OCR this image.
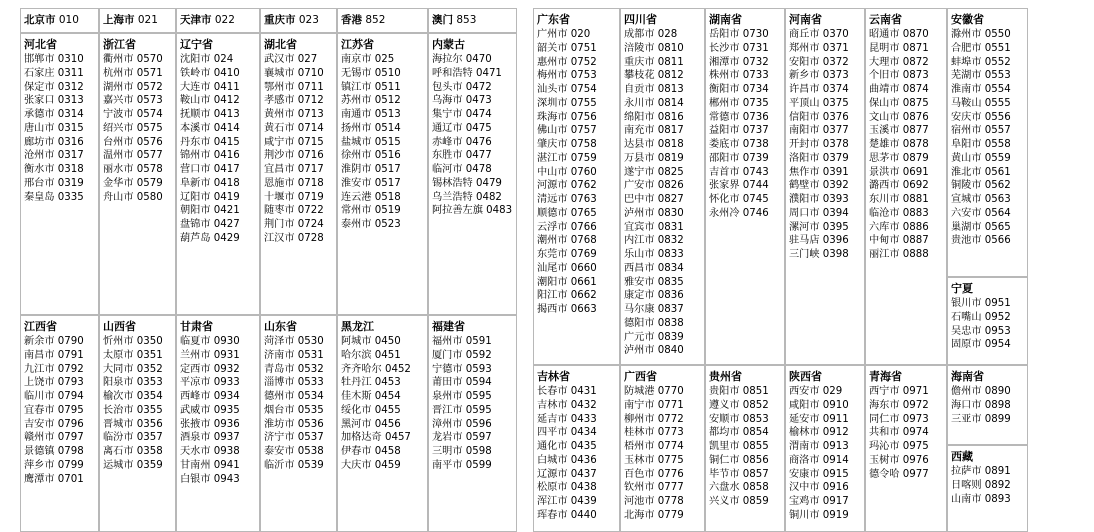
北京市 010	上海市 021	天津市 022	重庆市 023	香港 852	澳门 853
河北省
邯郸市 0310
石家庄 0311
保定市 0312
张家口 0313
承德市 0314
唐山市 0315
廊坊市 0316
沧州市 0317
衡水市 0318
邢台市 0319
秦皇岛 0335
浙江省
衢州市 0570
杭州市 0571
湖州市 0572
嘉兴市 0573
宁波市 0574
绍兴市 0575
台州市 0576
温州市 0577
丽水市 0578
金华市 0579
舟山市 0580
辽宁省
沈阳市 024
铁岭市 0410
大连市 0411
鞍山市 0412
抚顺市 0413
本溪市 0414
丹东市 0415
锦州市 0416
营口市 0417
阜新市 0418
辽阳市 0419
朝阳市 0421
盘锦市 0427
葫芦岛 0429
湖北省
武汉市 027
襄城市 0710
鄂州市 0711
孝感市 0712
黄州市 0713
黄石市 0714
咸宁市 0715
荆沙市 0716
宜昌市 0717
恩施市 0718
十堰市 0719
随枣市 0722
荆门市 0724
江汉市 0728
江苏省
南京市 025
无锡市 0510
镇江市 0511
苏州市 0512
南通市 0513
扬州市 0514
盐城市 0515
徐州市 0516
淮阴市 0517
淮安市 0517
连云港 0518
常州市 0519
泰州市 0523
内蒙古
海拉尔 0470
呼和浩特 0471
包头市 0472
乌海市 0473
集宁市 0474
通辽市 0475
赤峰市 0476
东胜市 0477
临河市 0478
锡林浩特 0479
乌兰浩特 0482
阿拉善左旗 0483
江西省
新余市 0790
南昌市 0791
九江市 0792
上饶市 0793
临川市 0794
宜春市 0795
吉安市 0796
赣州市 0797
景德镇 0798
萍乡市 0799
鹰潭市 0701
山西省
忻州市 0350
太原市 0351
大同市 0352
阳泉市 0353
榆次市 0354
长治市 0355
晋城市 0356
临汾市 0357
离石市 0358
运城市 0359
甘肃省
临夏市 0930
兰州市 0931
定西市 0932
平凉市 0933
西峰市 0934
武威市 0935
张掖市 0936
酒泉市 0937
天水市 0938
甘南州 0941
白银市 0943
山东省
菏泽市 0530
济南市 0531
青岛市 0532
淄博市 0533
德州市 0534
烟台市 0535
淮坊市 0536
济宁市 0537
泰安市 0538
临沂市 0539
黑龙江
阿城市 0450
哈尔滨 0451
齐齐哈尔 0452
牡丹江 0453
佳木斯 0454
绥化市 0455
黑河市 0456
加格达奇 0457
伊春市 0458
大庆市 0459
福建省
福州市 0591
厦门市 0592
宁德市 0593
莆田市 0594
泉州市 0595
晋江市 0595
漳州市 0596
龙岩市 0597
三明市 0598
南平市 0599
广东省
广州市 020
韶关市 0751
惠州市 0752
梅州市 0753
汕头市 0754
深圳市 0755
珠海市 0756
佛山市 0757
肇庆市 0758
湛江市 0759
中山市 0760
河源市 0762
清远市 0763
顺德市 0765
云浮市 0766
潮州市 0768
东莞市 0769
汕尾市 0660
潮阳市 0661
阳江市 0662
揭西市 0663
四川省
成都市 028
涪陵市 0810
重庆市 0811
攀枝花 0812
自贡市 0813
永川市 0814
绵阳市 0816
南充市 0817
达县市 0818
万县市 0819
遂宁市 0825
广安市 0826
巴中市 0827
泸州市 0830
宜宾市 0831
内江市 0832
乐山市 0833
西昌市 0834
雅安市 0835
康定市 0836
马尔康 0837
德阳市 0838
广元市 0839
泸州市 0840
湖南省
岳阳市 0730
长沙市 0731
湘潭市 0732
株州市 0733
衡阳市 0734
郴州市 0735
常德市 0736
益阳市 0737
娄底市 0738
邵阳市 0739
吉首市 0743
张家界 0744
怀化市 0745
永州冷 0746
河南省
商丘市 0370
郑州市 0371
安阳市 0372
新乡市 0373
许昌市 0374
平顶山 0375
信阳市 0376
南阳市 0377
开封市 0378
洛阳市 0379
焦作市 0391
鹤壁市 0392
濮阳市 0393
周口市 0394
漯河市 0395
驻马店 0396
三门峡 0398
云南省
昭通市 0870
昆明市 0871
大理市 0872
个旧市 0873
曲靖市 0874
保山市 0875
文山市 0876
玉溪市 0877
楚雄市 0878
思茅市 0879
景洪市 0691
潞西市 0692
东川市 0881
临沧市 0883
六库市 0886
中甸市 0887
丽江市 0888
安徽省
滁州市 0550
合肥市 0551
蚌埠市 0552
芜湖市 0553
淮南市 0554
马鞍山 0555
安庆市 0556
宿州市 0557
阜阳市 0558
黄山市 0559
淮北市 0561
铜陵市 0562
宣城市 0563
六安市 0564
巢湖市 0565
贵池市 0566
宁夏
银川市 0951
石嘴山 0952
吴忠市 0953
固原市 0954
吉林省
长春市 0431
吉林市 0432
延吉市 0433
四平市 0434
通化市 0435
白城市 0436
辽源市 0437
松原市 0438
浑江市 0439
珲春市 0440
广西省
防城港 0770
南宁市 0771
柳州市 0772
桂林市 0773
梧州市 0774
玉林市 0775
百色市 0776
钦州市 0777
河池市 0778
北海市 0779
贵州省
贵阳市 0851
遵义市 0852
安顺市 0853
都均市 0854
凯里市 0855
铜仁市 0856
毕节市 0857
六盘水 0858
兴义市 0859
陕西省
西安市 029
咸阳市 0910
延安市 0911
榆林市 0912
渭南市 0913
商洛市 0914
安康市 0915
汉中市 0916
宝鸡市 0917
铜川市 0919
青海省
西宁市 0971
海东市 0972
同仁市 0973
共和市 0974
玛沁市 0975
玉树市 0976
德令哈 0977
海南省
儋州市 0890
海口市 0898
三亚市 0899
西藏
拉萨市 0891
日喀则 0892
山南市 0893
